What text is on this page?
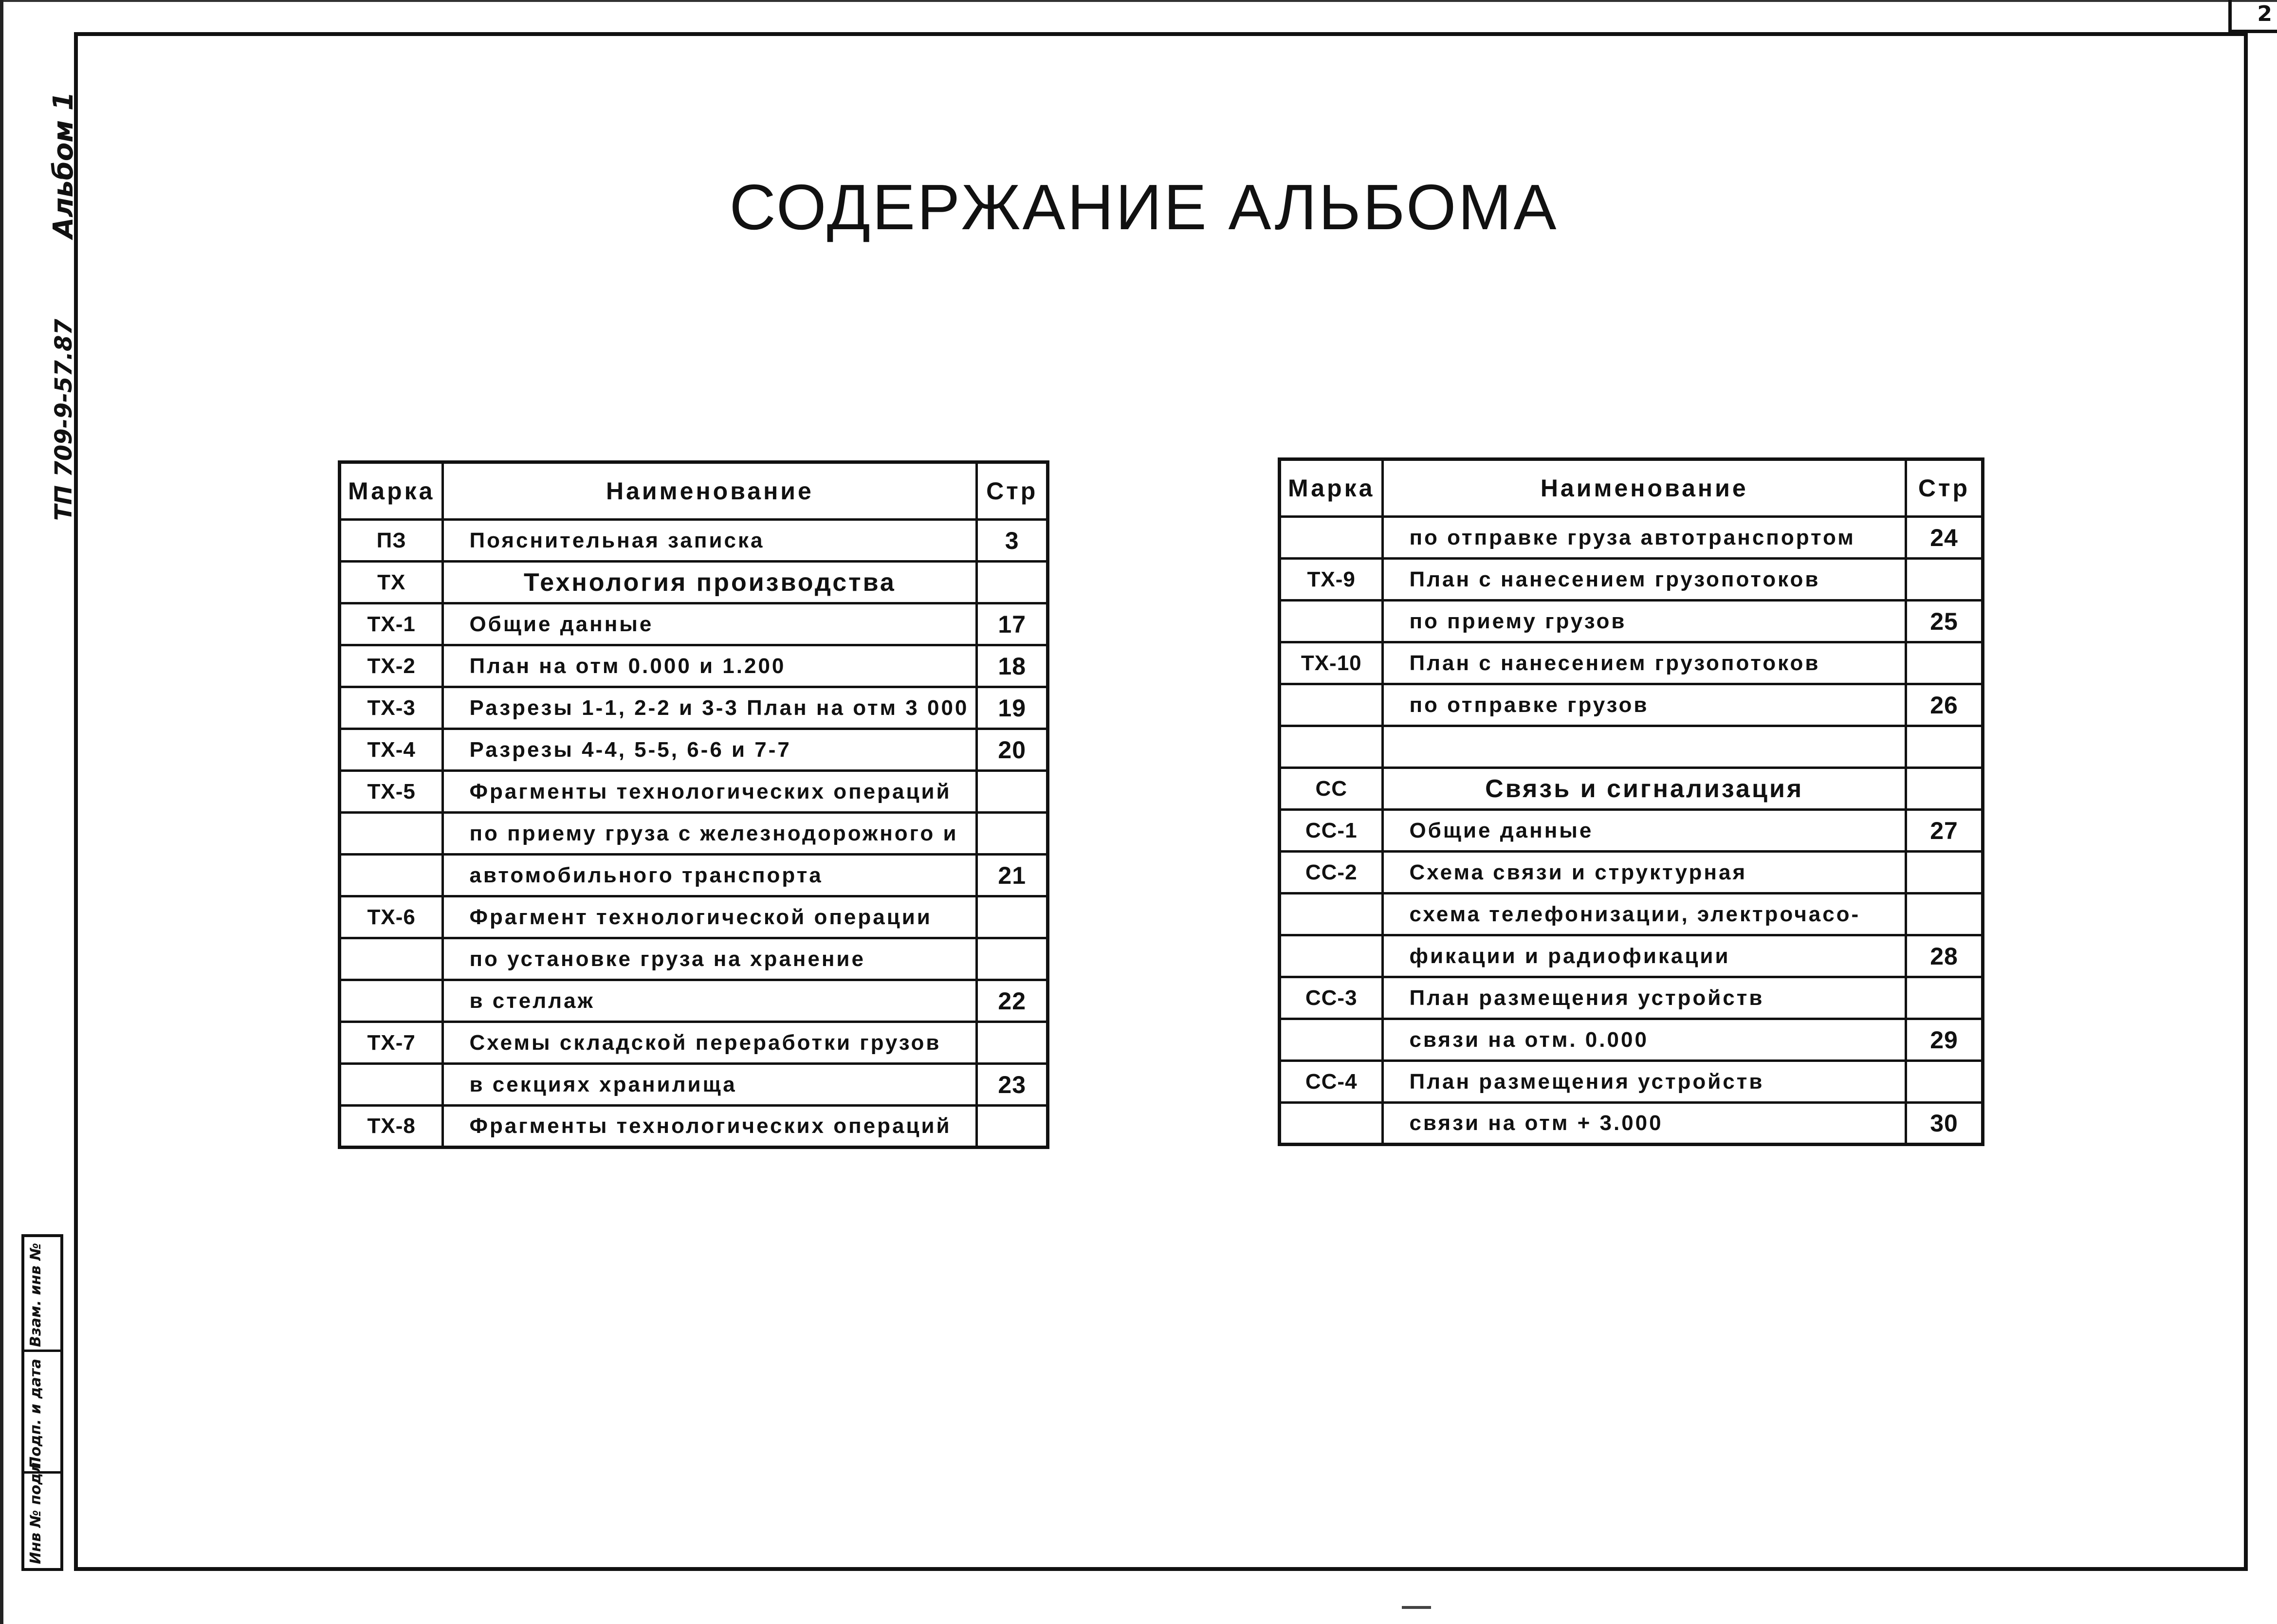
2
Альбом 1
ТП 709-9-57.87
Взам. инв №
Подп. и дата
Инв № подл.
СОДЕРЖАНИЕ АЛЬБОМА
Марка	Наименование	Стр
ПЗ	Пояснительная записка	3
ТХ	Технология производства	
ТХ-1	Общие данные	17
ТХ-2	План на отм 0.000 и 1.200	18
ТХ-3	Разрезы 1-1, 2-2 и 3-3 План на отм 3 000	19
ТХ-4	Разрезы 4-4, 5-5, 6-6 и 7-7	20
ТХ-5	Фрагменты технологических операций	
	по приему груза с железнодорожного и	
	автомобильного транспорта	21
ТХ-6	Фрагмент технологической операции	
	по установке груза на хранение	
	в стеллаж	22
ТХ-7	Схемы складской переработки грузов	
	в секциях хранилища	23
ТХ-8	Фрагменты технологических операций	
Марка	Наименование	Стр
	по отправке груза автотранспортом	24
ТХ-9	План с нанесением грузопотоков	
	по приему грузов	25
ТХ-10	План с нанесением грузопотоков	
	по отправке грузов	26

СС	Связь и сигнализация	
СС-1	Общие данные	27
СС-2	Схема связи и структурная	
	схема телефонизации, электрочасо-	
	фикации и радиофикации	28
СС-3	План размещения устройств	
	связи на отм. 0.000	29
СС-4	План размещения устройств	
	связи на отм + 3.000	30
